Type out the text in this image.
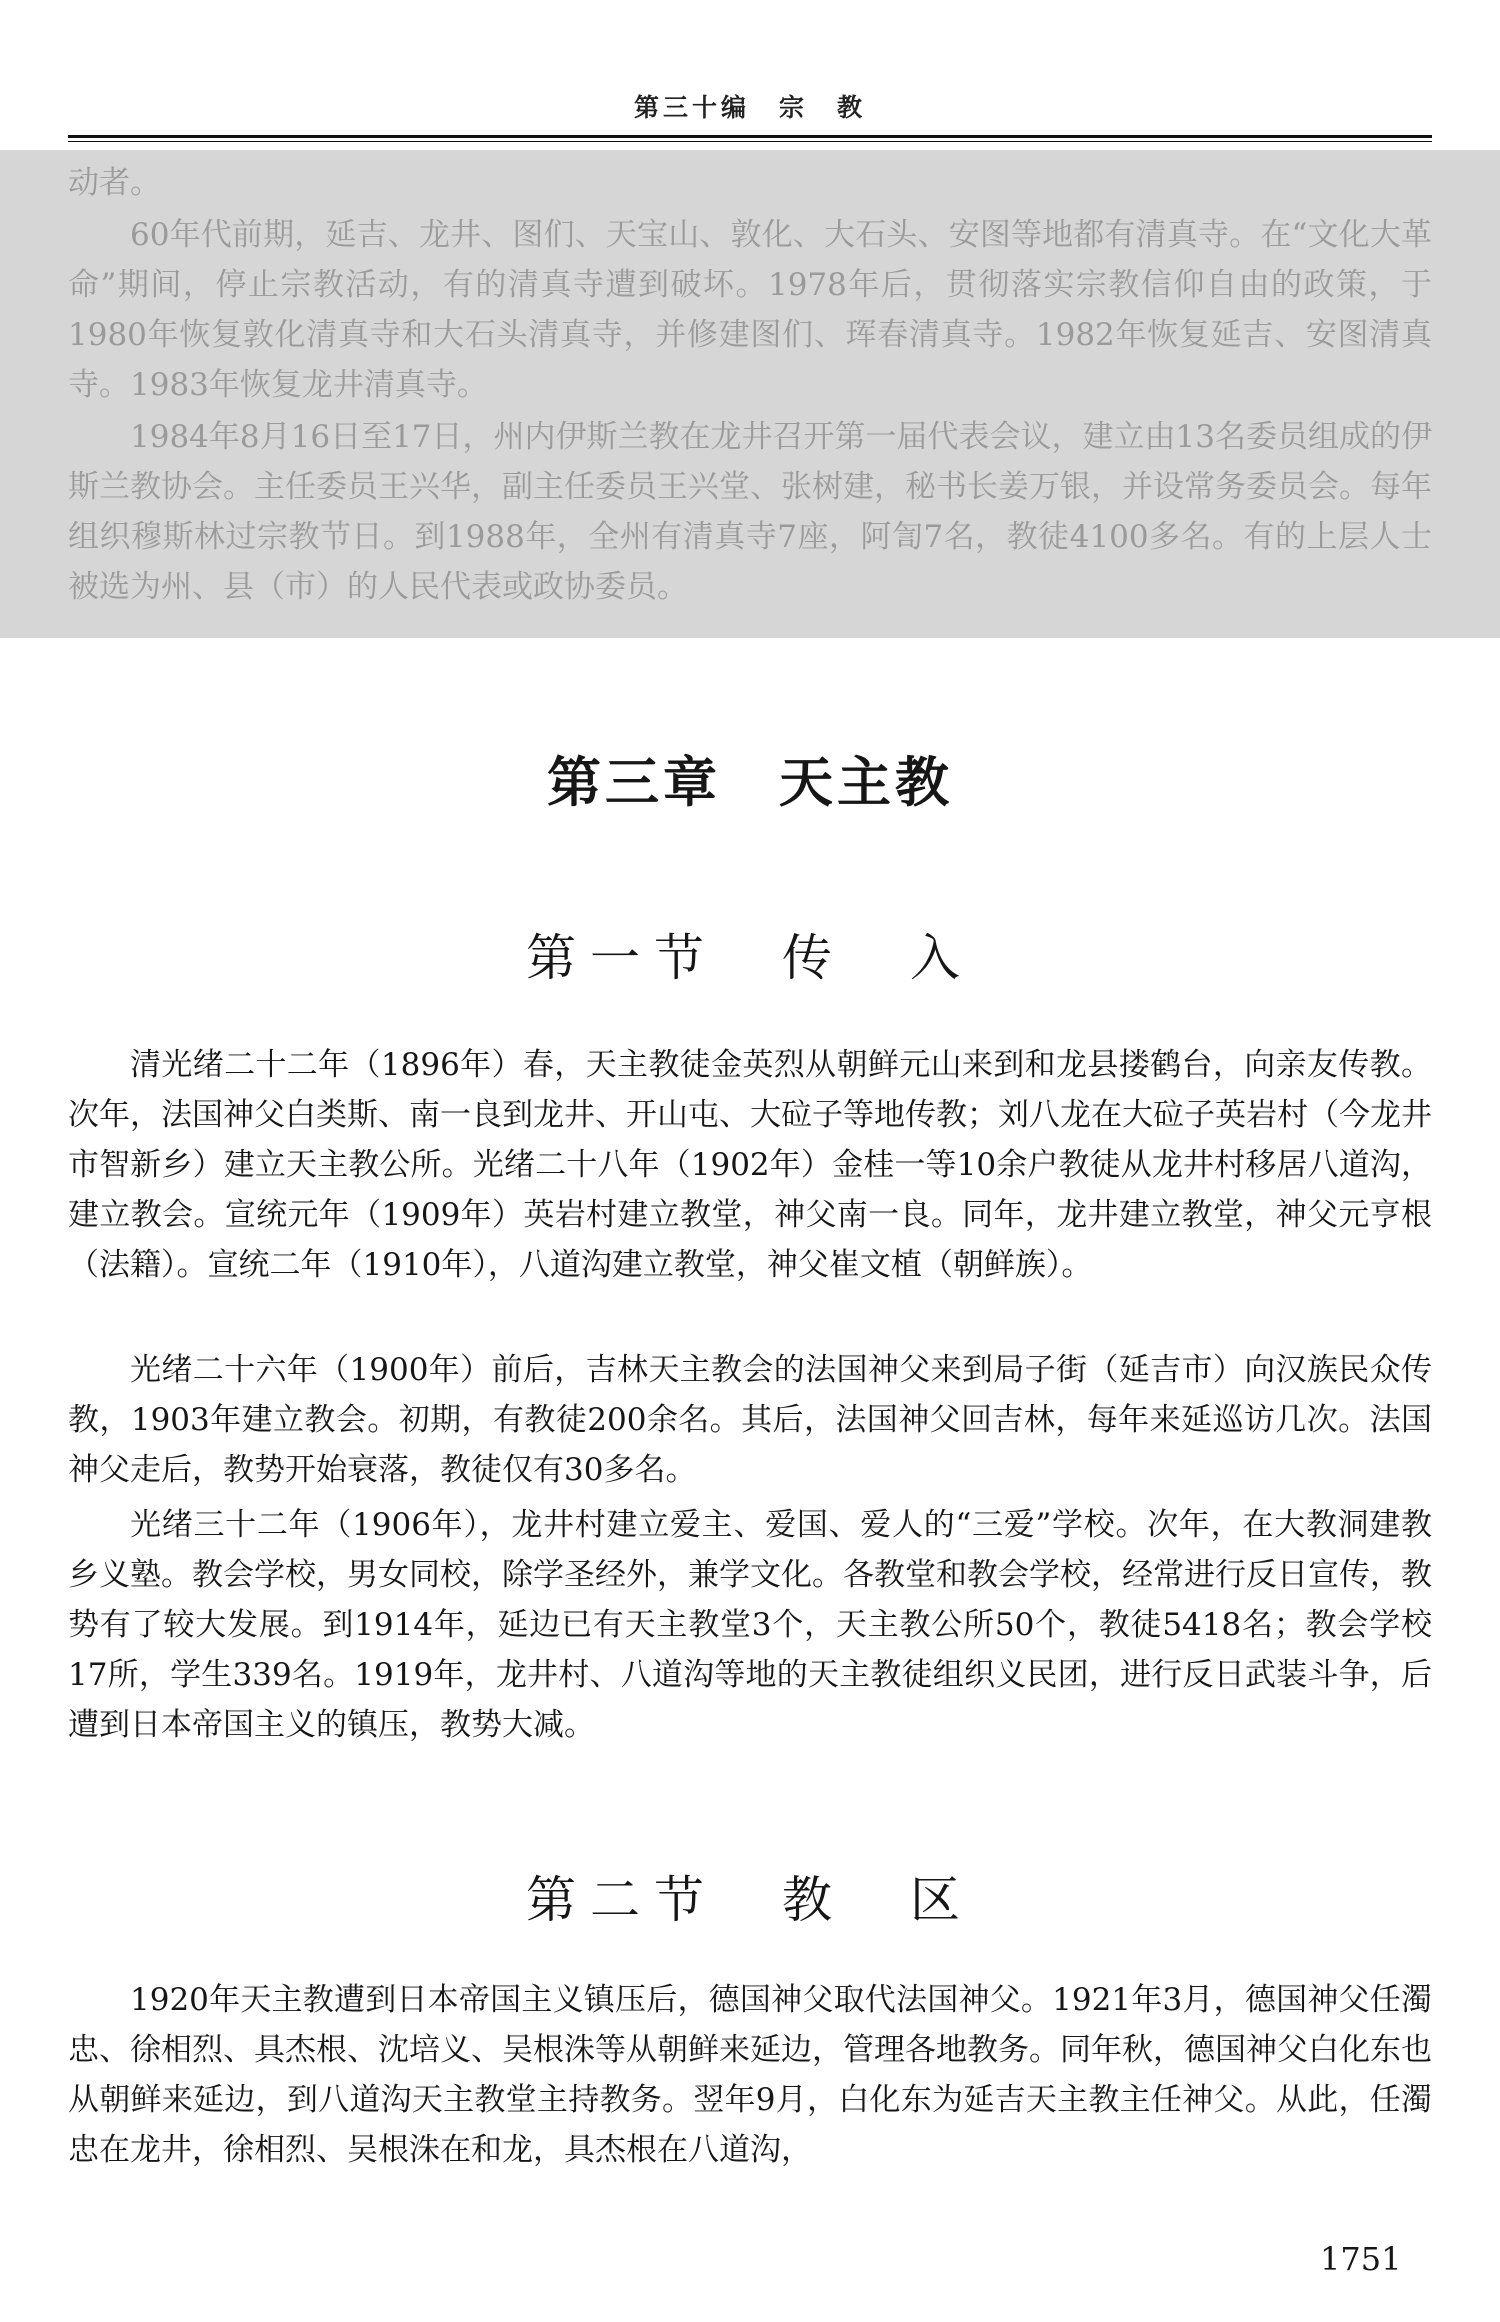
第三十编　宗　教

动者。

60年代前期，延吉、龙井、图们、天宝山、敦化、大石头、安图等地都有清真寺。在“文化大革命”期间，停止宗教活动，有的清真寺遭到破坏。1978年后，贯彻落实宗教信仰自由的政策，于1980年恢复敦化清真寺和大石头清真寺，并修建图们、珲春清真寺。1982年恢复延吉、安图清真寺。1983年恢复龙井清真寺。

1984年8月16日至17日，州内伊斯兰教在龙井召开第一届代表会议，建立由13名委员组成的伊斯兰教协会。主任委员王兴华，副主任委员王兴堂、张树建，秘书长姜万银，并设常务委员会。每年组织穆斯林过宗教节日。到1988年，全州有清真寺7座，阿訇7名，教徒4100多名。有的上层人士被选为州、县（市）的人民代表或政协委员。

第三章　天主教
第一节　传　入

清光绪二十二年（1896年）春，天主教徒金英烈从朝鲜元山来到和龙县搂鹤台，向亲友传教。次年，法国神父白类斯、南一良到龙井、开山屯、大砬子等地传教；刘八龙在大砬子英岩村（今龙井市智新乡）建立天主教公所。光绪二十八年（1902年）金桂一等10余户教徒从龙井村移居八道沟，建立教会。宣统元年（1909年）英岩村建立教堂，神父南一良。同年，龙井建立教堂，神父元亨根（法籍）。宣统二年（1910年），八道沟建立教堂，神父崔文植（朝鲜族）。

光绪二十六年（1900年）前后，吉林天主教会的法国神父来到局子街（延吉市）向汉族民众传教，1903年建立教会。初期，有教徒200余名。其后，法国神父回吉林，每年来延巡访几次。法国神父走后，教势开始衰落，教徒仅有30多名。

光绪三十二年（1906年），龙井村建立爱主、爱国、爱人的“三爱”学校。次年，在大教洞建教乡义塾。教会学校，男女同校，除学圣经外，兼学文化。各教堂和教会学校，经常进行反日宣传，教势有了较大发展。到1914年，延边已有天主教堂3个，天主教公所50个，教徒5418名；教会学校17所，学生339名。1919年，龙井村、八道沟等地的天主教徒组织义民团，进行反日武装斗争，后遭到日本帝国主义的镇压，教势大减。

第二节　教　区

1920年天主教遭到日本帝国主义镇压后，德国神父取代法国神父。1921年3月，德国神父任濁忠、徐相烈、具杰根、沈培义、吴根洙等从朝鲜来延边，管理各地教务。同年秋，德国神父白化东也从朝鲜来延边，到八道沟天主教堂主持教务。翌年9月，白化东为延吉天主教主任神父。从此，任濁忠在龙井，徐相烈、吴根洙在和龙，具杰根在八道沟，

1751
